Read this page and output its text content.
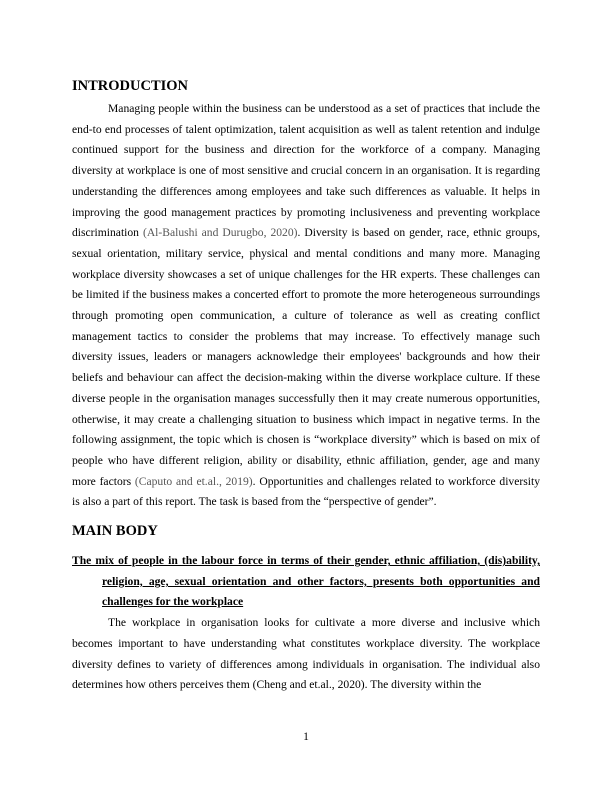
INTRODUCTION

Managing people within the business can be understood as a set of practices that include the end-to end processes of talent optimization, talent acquisition as well as talent retention and indulge continued support for the business and direction for the workforce of a company. Managing diversity at workplace is one of most sensitive and crucial concern in an organisation. It is regarding understanding the differences among employees and take such differences as valuable. It helps in improving the good management practices by promoting inclusiveness and preventing workplace discrimination (Al-Balushi and Durugbo, 2020). Diversity is based on gender, race, ethnic groups, sexual orientation, military service, physical and mental conditions and many more. Managing workplace diversity showcases a set of unique challenges for the HR experts. These challenges can be limited if the business makes a concerted effort to promote the more heterogeneous surroundings through promoting open communication, a culture of tolerance as well as creating conflict management tactics to consider the problems that may increase. To effectively manage such diversity issues, leaders or managers acknowledge their employees' backgrounds and how their beliefs and behaviour can affect the decision-making within the diverse workplace culture. If these diverse people in the organisation manages successfully then it may create numerous opportunities, otherwise, it may create a challenging situation to business which impact in negative terms. In the following assignment, the topic which is chosen is “workplace diversity” which is based on mix of people who have different religion, ability or disability, ethnic affiliation, gender, age and many more factors (Caputo and et.al., 2019). Opportunities and challenges related to workforce diversity is also a part of this report. The task is based from the “perspective of gender”.

MAIN BODY

The mix of people in the labour force in terms of their gender, ethnic affiliation, (dis)ability, religion, age, sexual orientation and other factors, presents both opportunities and challenges for the workplace

The workplace in organisation looks for cultivate a more diverse and inclusive which becomes important to have understanding what constitutes workplace diversity. The workplace diversity defines to variety of differences among individuals in organisation. The individual also determines how others perceives them (Cheng and et.al., 2020). The diversity within the

1
